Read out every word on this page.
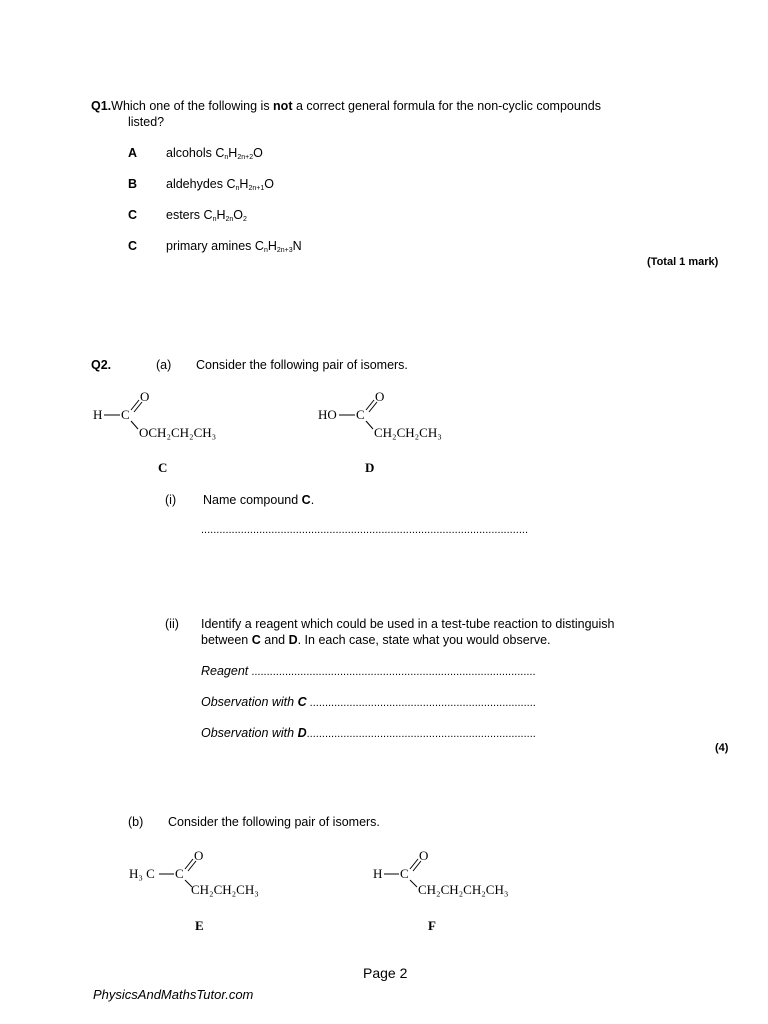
Q1.Which one of the following is not a correct general formula for the non-cyclic compounds
listed?
A alcohols $C_nH_{2n+2}O$
B aldehydes $C_nH_{2n+1}O$
C esters $C_nH_{2n}O_2$
C primary amines $C_nH_{2n+3}N$
(Total 1 mark)
Q2.	(a) Consider the following pair of isomers.
H C
O
OCH₂CH₂CH₃
C
HO C
O
CH₂CH₂CH₃
D
(i) Name compound C.
...........................................................................................................
(ii) Identify a reagent which could be used in a test-tube reaction to distinguish
between C and D. In each case, state what you would observe.
Reagent .............................................................................................
Observation with C ..........................................................................
Observation with D...........................................................................
(4)
(b) Consider the following pair of isomers.
H₃ C C
O
CH₂CH₂CH₃
E
H C
O
CH₂CH₂CH₂CH₃
F
Page 2
PhysicsAndMathsTutor.com
